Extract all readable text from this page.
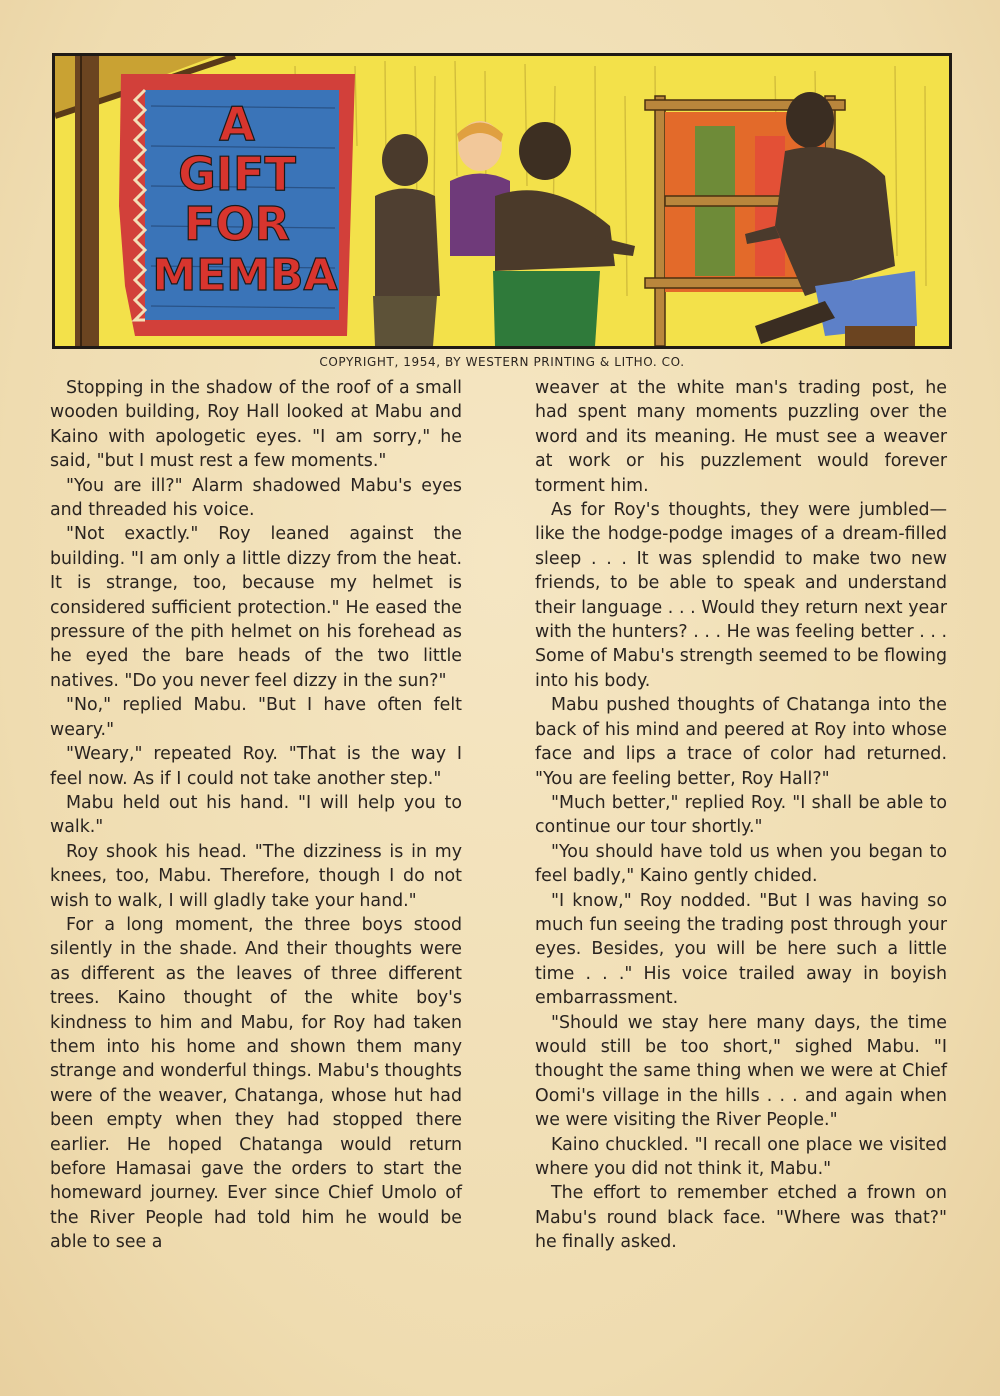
A
GIFT
FOR
MEMBA
COPYRIGHT, 1954, BY WESTERN PRINTING & LITHO. CO.

Stopping in the shadow of the roof of a small wooden building, Roy Hall looked at Mabu and Kaino with apologetic eyes. "I am sorry," he said, "but I must rest a few moments."

"You are ill?" Alarm shadowed Mabu's eyes and threaded his voice.

"Not exactly." Roy leaned against the building. "I am only a little dizzy from the heat. It is strange, too, because my helmet is considered sufficient protection." He eased the pressure of the pith helmet on his forehead as he eyed the bare heads of the two little natives. "Do you never feel dizzy in the sun?"

"No," replied Mabu. "But I have often felt weary."

"Weary," repeated Roy. "That is the way I feel now. As if I could not take another step."

Mabu held out his hand. "I will help you to walk."

Roy shook his head. "The dizziness is in my knees, too, Mabu. Therefore, though I do not wish to walk, I will gladly take your hand."

For a long moment, the three boys stood silently in the shade. And their thoughts were as different as the leaves of three different trees. Kaino thought of the white boy's kindness to him and Mabu, for Roy had taken them into his home and shown them many strange and wonderful things. Mabu's thoughts were of the weaver, Chatanga, whose hut had been empty when they had stopped there earlier. He hoped Chatanga would return before Hamasai gave the orders to start the homeward journey. Ever since Chief Umolo of the River People had told him he would be able to see a

weaver at the white man's trading post, he had spent many moments puzzling over the word and its meaning. He must see a weaver at work or his puzzlement would forever torment him.

As for Roy's thoughts, they were jumbled—like the hodge-podge images of a dream-filled sleep . . . It was splendid to make two new friends, to be able to speak and understand their language . . . Would they return next year with the hunters? . . . He was feeling better . . . Some of Mabu's strength seemed to be flowing into his body.

Mabu pushed thoughts of Chatanga into the back of his mind and peered at Roy into whose face and lips a trace of color had returned. "You are feeling better, Roy Hall?"

"Much better," replied Roy. "I shall be able to continue our tour shortly."

"You should have told us when you began to feel badly," Kaino gently chided.

"I know," Roy nodded. "But I was having so much fun seeing the trading post through your eyes. Besides, you will be here such a little time . . ." His voice trailed away in boyish embarrassment.

"Should we stay here many days, the time would still be too short," sighed Mabu. "I thought the same thing when we were at Chief Oomi's village in the hills . . . and again when we were visiting the River People."

Kaino chuckled. "I recall one place we visited where you did not think it, Mabu."

The effort to remember etched a frown on Mabu's round black face. "Where was that?" he finally asked.
